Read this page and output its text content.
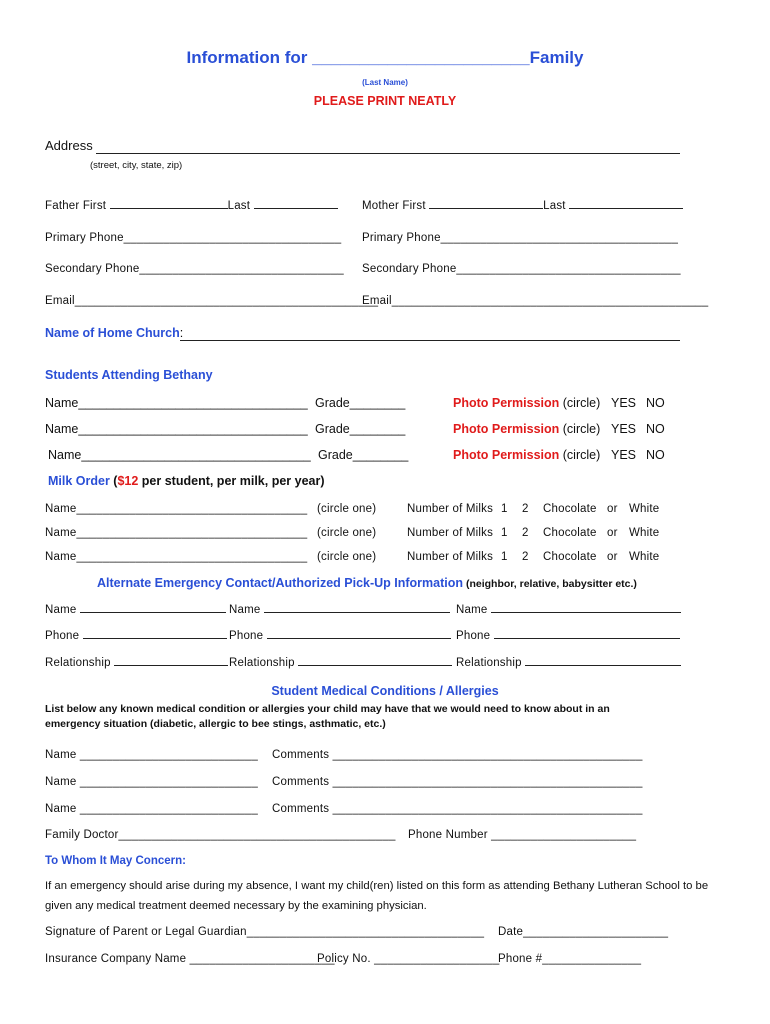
Information for _______________________Family
(Last Name)
PLEASE PRINT NEATLY
Address
(street, city, state, zip)
Father First	Last	Mother First	Last
Primary Phone_________________________________ Primary Phone____________________________________
Secondary Phone_______________________________ Secondary Phone__________________________________
Email______________________________________________
Email________________________________________________
Name of Home Church:
Students Attending Bethany
Name_________________________________ Grade________	Photo Permission (circle) YES NO
Name_________________________________ Grade________	Photo Permission (circle) YES NO
Name_________________________________ Grade________	Photo Permission (circle) YES NO
Milk Order ($12 per student, per milk, per year)
Name___________________________________ (circle one)	Number of Milks 1 2 Chocolate or White
Name___________________________________ (circle one)	Number of Milks 1 2 Chocolate or White
Name___________________________________ (circle one)	Number of Milks 1 2 Chocolate or White
Alternate Emergency Contact/Authorized Pick-Up Information (neighbor, relative, babysitter etc.)
Name	Name	Name
Phone	Phone	Phone
Relationship	Relationship	Relationship
Student Medical Conditions / Allergies
List below any known medical condition or allergies your child may have that we would need to know about in an
emergency situation (diabetic, allergic to bee stings, asthmatic, etc.)
Name ___________________________ Comments _______________________________________________
Name ___________________________ Comments _______________________________________________
Name ___________________________ Comments _______________________________________________
Family Doctor__________________________________________ Phone Number ______________________
To Whom It May Concern:
If an emergency should arise during my absence, I want my child(ren) listed on this form as attending Bethany Lutheran School to be
given any medical treatment deemed necessary by the examining physician.
Signature of Parent or Legal Guardian____________________________________ Date______________________
Insurance Company Name ______________________
Policy No. ___________________
Phone #_______________
